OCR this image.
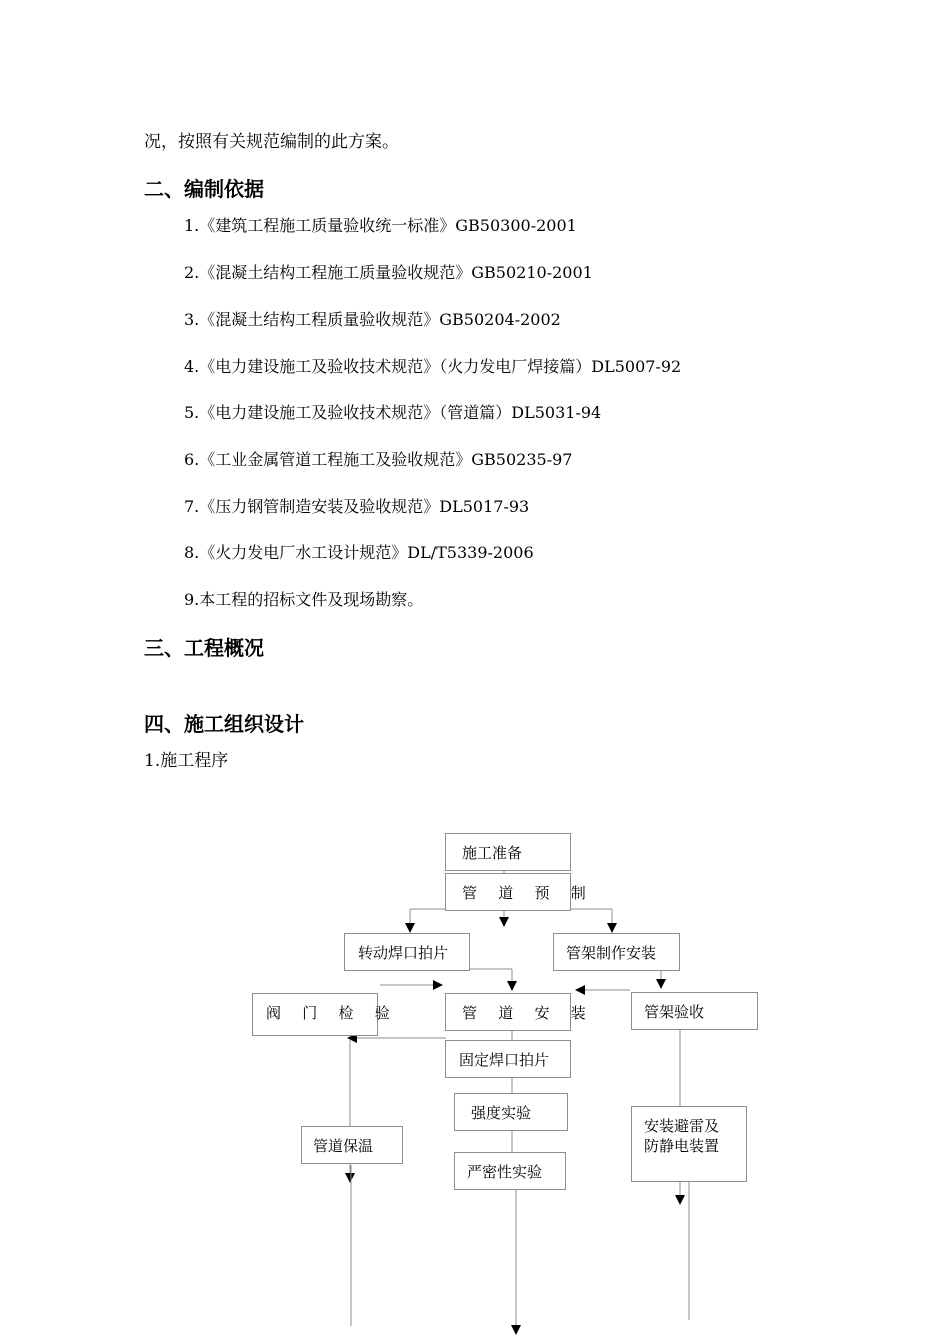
况，按照有关规范编制的此方案。
二、编制依据
1.《建筑工程施工质量验收统一标准》GB50300-2001
2.《混凝土结构工程施工质量验收规范》GB50210-2001
3.《混凝土结构工程质量验收规范》GB50204-2002
4.《电力建设施工及验收技术规范》（火力发电厂焊接篇）DL5007-92
5.《电力建设施工及验收技术规范》（管道篇）DL5031-94
6.《工业金属管道工程施工及验收规范》GB50235-97
7.《压力钢管制造安装及验收规范》DL5017-93
8.《火力发电厂水工设计规范》DL/T5339-2006
9.本工程的招标文件及现场勘察。
三、工程概况
四、施工组织设计
1.施工程序
施工准备
管 道 预 制
转动焊口拍片	管架制作安装
阀 门 检 验	管 道 安 装	管架验收
固定焊口拍片
强度实验
管道保温
严密性实验
安装避雷及
防静电装置
